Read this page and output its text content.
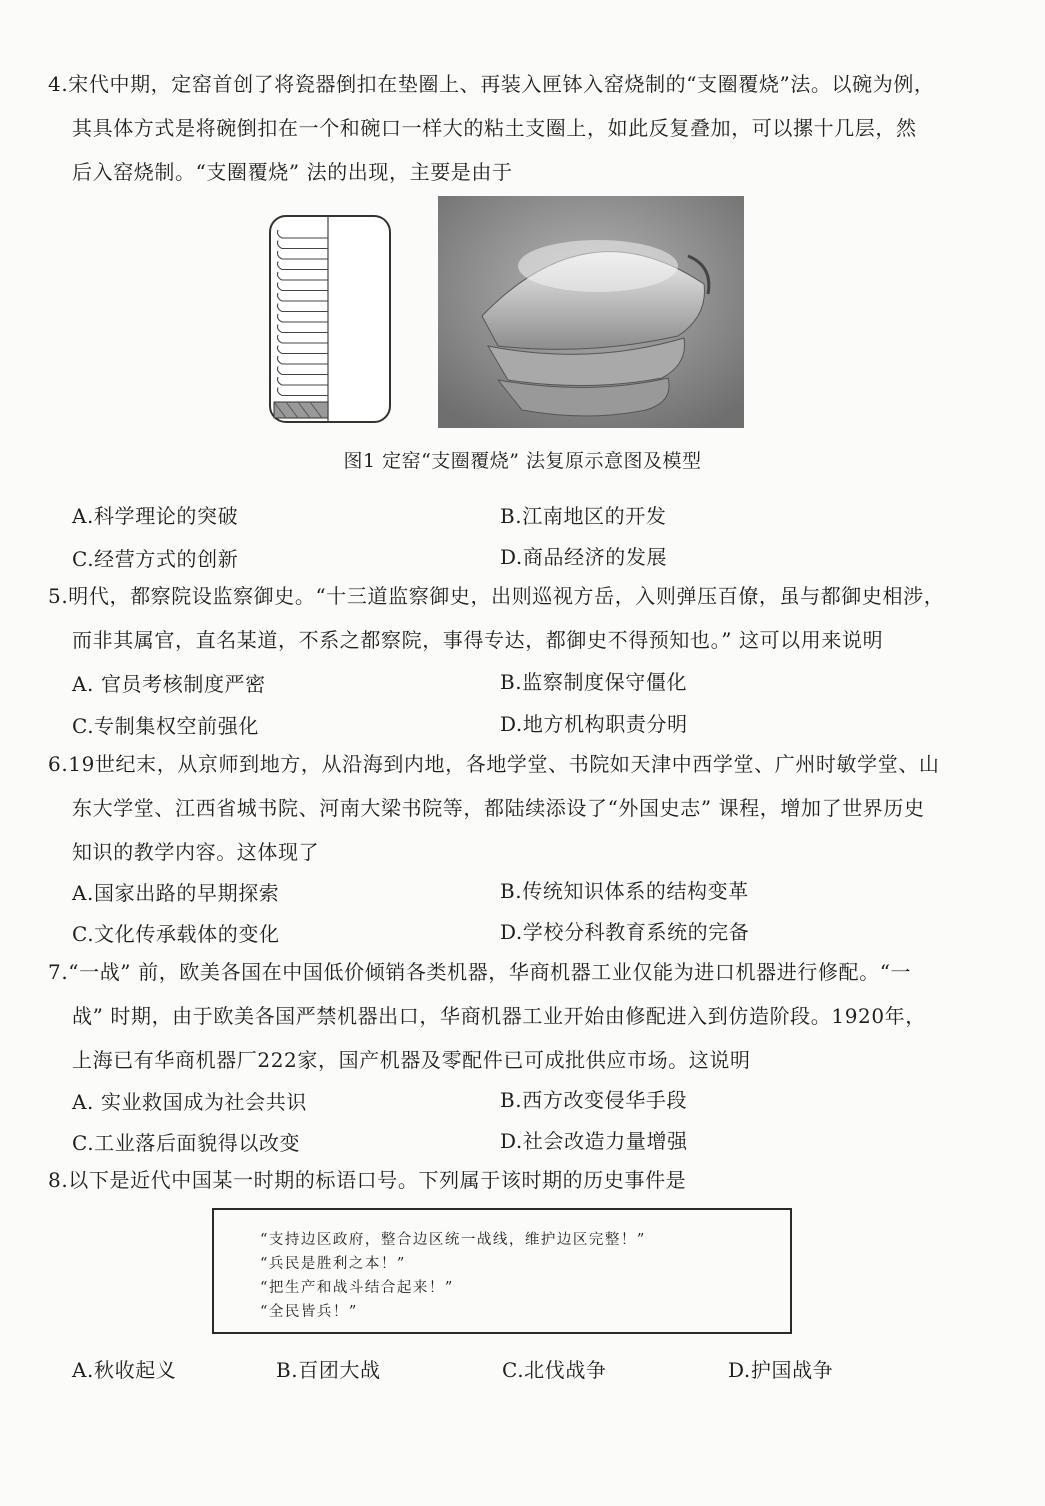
4.宋代中期，定窑首创了将瓷器倒扣在垫圈上、再装入匣钵入窑烧制的“支圈覆烧”法。以碗为例，

其具体方式是将碗倒扣在一个和碗口一样大的粘土支圈上，如此反复叠加，可以摞十几层，然

后入窑烧制。“支圈覆烧” 法的出现，主要是由于

图1 定窑“支圈覆烧” 法复原示意图及模型
A.科学理论的突破	B.江南地区的开发
C.经营方式的创新	D.商品经济的发展

5.明代，都察院设监察御史。“十三道监察御史，出则巡视方岳，入则弹压百僚，虽与都御史相涉，

而非其属官，直名某道，不系之都察院，事得专达，都御史不得预知也。” 这可以用来说明

A. 官员考核制度严密	B.监察制度保守僵化
C.专制集权空前强化	D.地方机构职责分明

6.19世纪末，从京师到地方，从沿海到内地，各地学堂、书院如天津中西学堂、广州时敏学堂、山

东大学堂、江西省城书院、河南大梁书院等，都陆续添设了“外国史志” 课程，增加了世界历史

知识的教学内容。这体现了

A.国家出路的早期探索	B.传统知识体系的结构变革
C.文化传承载体的变化	D.学校分科教育系统的完备

7.“一战” 前，欧美各国在中国低价倾销各类机器，华商机器工业仅能为进口机器进行修配。“一

战” 时期，由于欧美各国严禁机器出口，华商机器工业开始由修配进入到仿造阶段。1920年，

上海已有华商机器厂222家，国产机器及零配件已可成批供应市场。这说明

A. 实业救国成为社会共识	B.西方改变侵华手段
C.工业落后面貌得以改变	D.社会改造力量增强

8.以下是近代中国某一时期的标语口号。下列属于该时期的历史事件是

“支持边区政府，整合边区统一战线，维护边区完整！”
“兵民是胜利之本！”
“把生产和战斗结合起来！”
“全民皆兵！”
A.秋收起义	B.百团大战	C.北伐战争	D.护国战争
